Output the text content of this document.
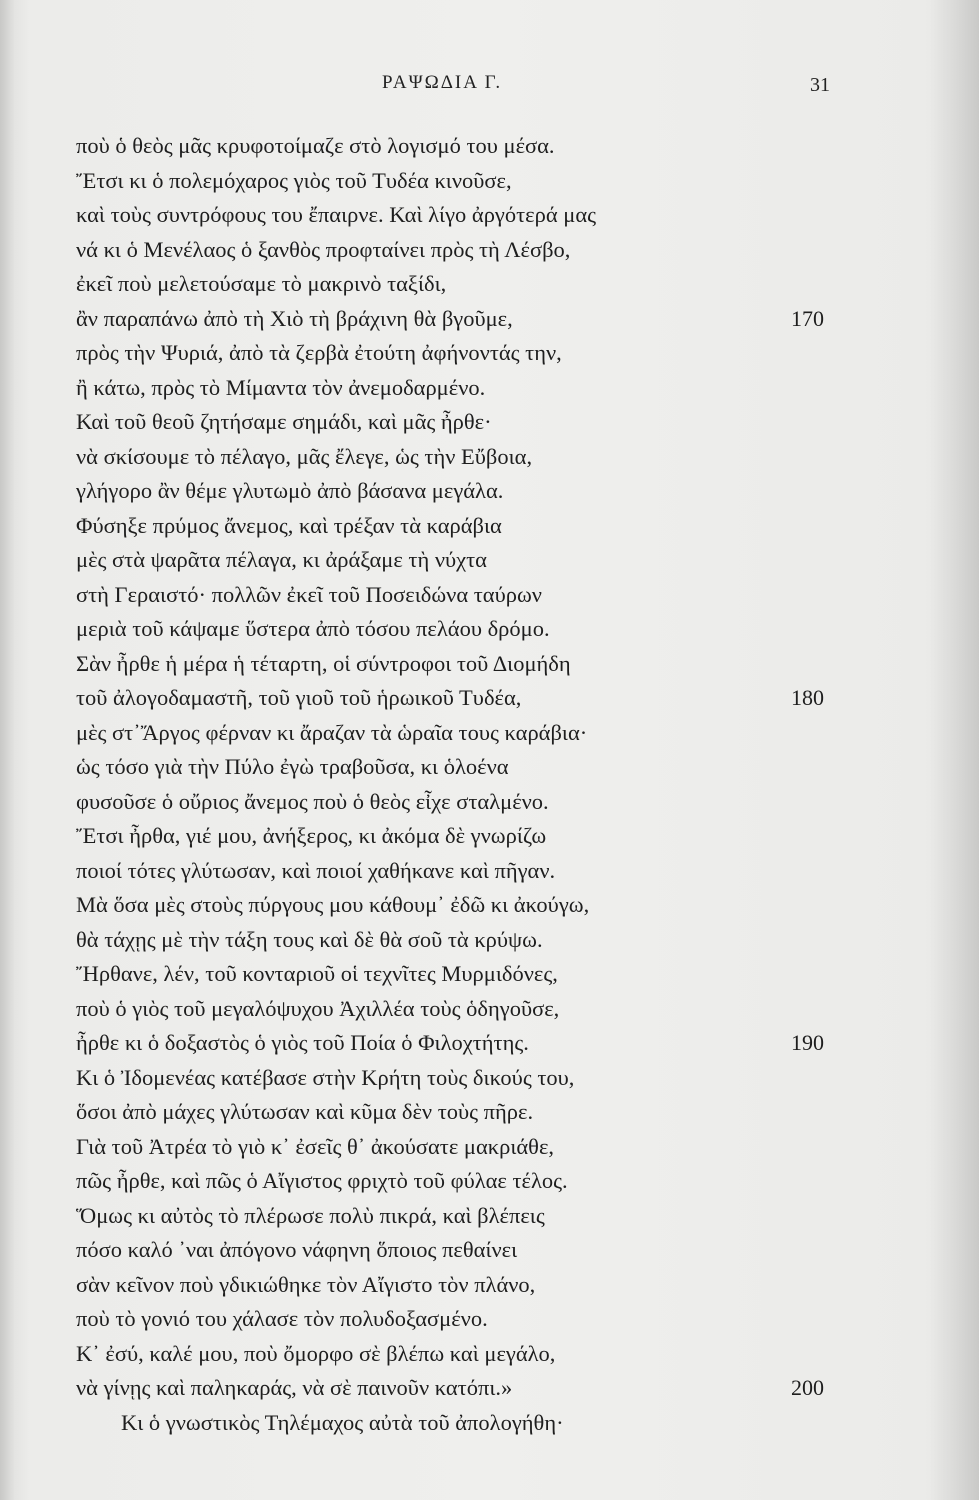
ΡΑΨΩΔΙΑ Γ.	31
ποὺ ὁ θεὸς μᾶς κρυφοτοίμαζε στὸ λογισμό του μέσα.
Ἔτσι κι ὁ πολεμόχαρος γιὸς τοῦ Τυδέα κινοῦσε,
καὶ τοὺς συντρόφους του ἔπαιρνε. Καὶ λίγο ἀργότερά μας
νά κι ὁ Μενέλαος ὁ ξανθὸς προφταίνει πρὸς τὴ Λέσβο,
ἐκεῖ ποὺ μελετούσαμε τὸ μακρινὸ ταξίδι,
ἂν παραπάνω ἀπὸ τὴ Χιὸ τὴ βράχινη θὰ βγοῦμε,	170
πρὸς τὴν Ψυριά, ἀπὸ τὰ ζερβὰ ἐτούτη ἀφήνοντάς την,
ἢ κάτω, πρὸς τὸ Μίμαντα τὸν ἀνεμοδαρμένο.
Καὶ τοῦ θεοῦ ζητήσαμε σημάδι, καὶ μᾶς ἦρθε·
νὰ σκίσουμε τὸ πέλαγο, μᾶς ἔλεγε, ὡς τὴν Εὔβοια,
γλήγορο ἂν θέμε γλυτωμὸ ἀπὸ βάσανα μεγάλα.
Φύσηξε πρύμος ἄνεμος, καὶ τρέξαν τὰ καράβια
μὲς στὰ ψαρᾶτα πέλαγα, κι ἀράξαμε τὴ νύχτα
στὴ Γεραιστό· πολλῶν ἐκεῖ τοῦ Ποσειδώνα ταύρων
μεριὰ τοῦ κάψαμε ὕστερα ἀπὸ τόσου πελάου δρόμο.
Σὰν ἦρθε ἡ μέρα ἡ τέταρτη, οἱ σύντροφοι τοῦ Διομήδη
τοῦ ἀλογοδαμαστῆ, τοῦ γιοῦ τοῦ ἡρωικοῦ Τυδέα,	180
μὲς στ᾿Ἄργος φέρναν κι ἄραζαν τὰ ὡραῖα τους καράβια·
ὡς τόσο γιὰ τὴν Πύλο ἐγὼ τραβοῦσα, κι ὁλοένα
φυσοῦσε ὁ οὔριος ἄνεμος ποὺ ὁ θεὸς εἶχε σταλμένο.
Ἔτσι ἦρθα, γιέ μου, ἀνήξερος, κι ἀκόμα δὲ γνωρίζω
ποιοί τότες γλύτωσαν, καὶ ποιοί χαθήκανε καὶ πῆγαν.
Μὰ ὅσα μὲς στοὺς πύργους μου κάθουμ᾿ ἐδῶ κι ἀκούγω,
θὰ τάχῃς μὲ τὴν τάξη τους καὶ δὲ θὰ σοῦ τὰ κρύψω.
Ἤρθανε, λέν, τοῦ κονταριοῦ οἱ τεχνῖτες Μυρμιδόνες,
ποὺ ὁ γιὸς τοῦ μεγαλόψυχου Ἀχιλλέα τοὺς ὁδηγοῦσε,
ἦρθε κι ὁ δοξαστὸς ὁ γιὸς τοῦ Ποία ὁ Φιλοχτήτης.	190
Κι ὁ Ἰδομενέας κατέβασε στὴν Κρήτη τοὺς δικούς του,
ὅσοι ἀπὸ μάχες γλύτωσαν καὶ κῦμα δὲν τοὺς πῆρε.
Γιὰ τοῦ Ἀτρέα τὸ γιὸ κ᾿ ἐσεῖς θ᾿ ἀκούσατε μακριάθε,
πῶς ἦρθε, καὶ πῶς ὁ Αἴγιστος φριχτὸ τοῦ φύλαε τέλος.
Ὅμως κι αὐτὸς τὸ πλέρωσε πολὺ πικρά, καὶ βλέπεις
πόσο καλό ᾿ναι ἀπόγονο νάφηνη ὅποιος πεθαίνει
σὰν κεῖνον ποὺ γδικιώθηκε τὸν Αἴγιστο τὸν πλάνο,
ποὺ τὸ γονιό του χάλασε τὸν πολυδοξασμένο.
Κ᾿ ἐσύ, καλέ μου, ποὺ ὄμορφο σὲ βλέπω καὶ μεγάλο,
νὰ γίνῃς καὶ παληκαράς, νὰ σὲ παινοῦν κατόπι.»	200
Κι ὁ γνωστικὸς Τηλέμαχος αὐτὰ τοῦ ἀπολογήθη·
